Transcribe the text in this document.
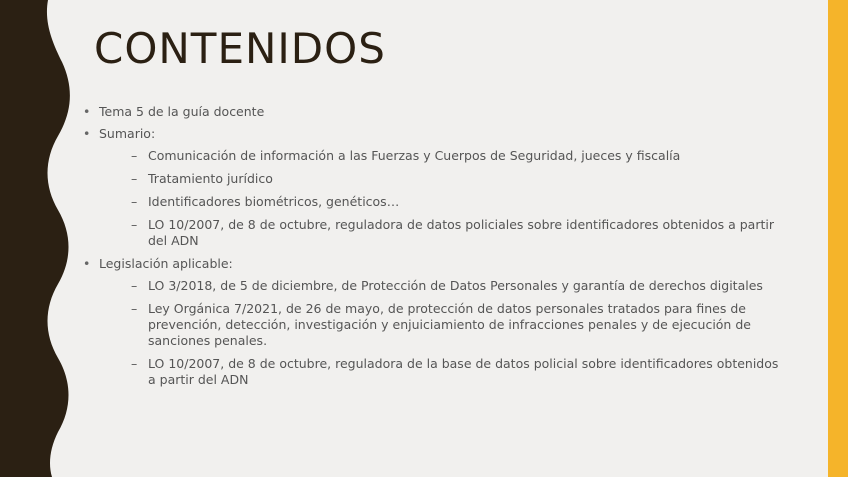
CONTENIDOS
• Tema 5 de la guía docente
• Sumario:
– Comunicación de información a las Fuerzas y Cuerpos de Seguridad, jueces y fiscalía
– Tratamiento jurídico
– Identificadores biométricos, genéticos…
– LO 10/2007, de 8 de octubre, reguladora de datos policiales sobre identificadores obtenidos a partir del ADN
• Legislación aplicable:
– LO 3/2018, de 5 de diciembre, de Protección de Datos Personales y garantía de derechos digitales
– Ley Orgánica 7/2021, de 26 de mayo, de protección de datos personales tratados para fines de prevención, detección, investigación y enjuiciamiento de infracciones penales y de ejecución de sanciones penales.
– LO 10/2007, de 8 de octubre, reguladora de la base de datos policial sobre identificadores obtenidos a partir del ADN
